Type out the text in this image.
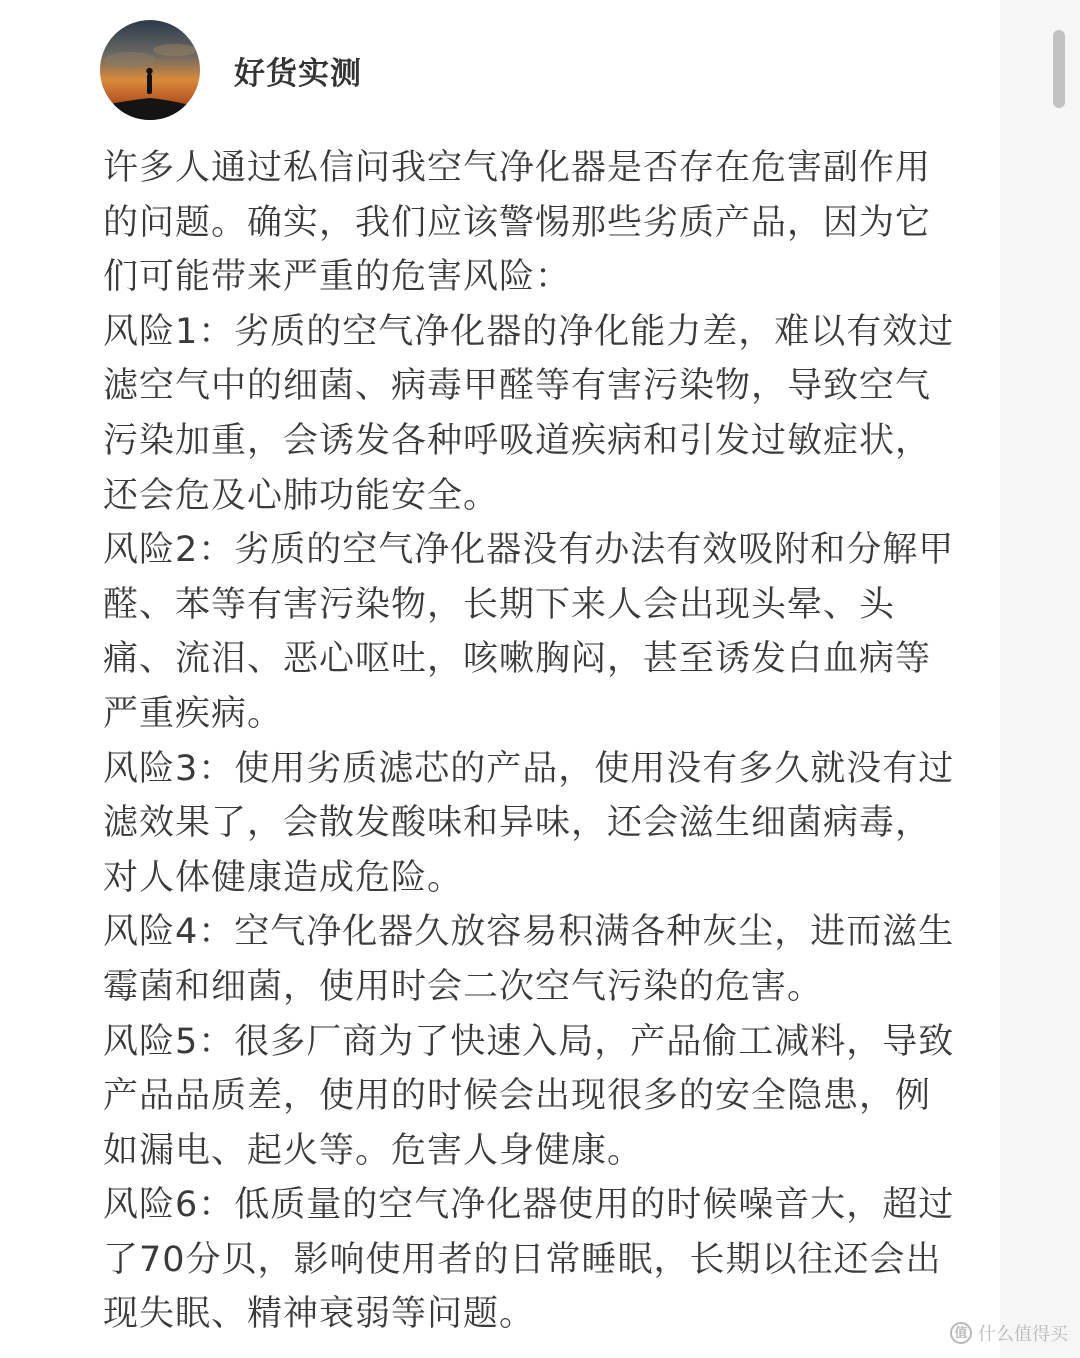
好货实测

许多人通过私信问我空气净化器是否存在危害副作用的问题。确实，我们应该警惕那些劣质产品，因为它们可能带来严重的危害风险：

风险1：劣质的空气净化器的净化能力差，难以有效过滤空气中的细菌、病毒甲醛等有害污染物，导致空气污染加重，会诱发各种呼吸道疾病和引发过敏症状，还会危及心肺功能安全。

风险2：劣质的空气净化器没有办法有效吸附和分解甲醛、苯等有害污染物，长期下来人会出现头晕、头痛、流泪、恶心呕吐，咳嗽胸闷，甚至诱发白血病等严重疾病。

风险3：使用劣质滤芯的产品，使用没有多久就没有过滤效果了，会散发酸味和异味，还会滋生细菌病毒，对人体健康造成危险。

风险4：空气净化器久放容易积满各种灰尘，进而滋生霉菌和细菌，使用时会二次空气污染的危害。

风险5：很多厂商为了快速入局，产品偷工减料，导致产品品质差，使用的时候会出现很多的安全隐患，例如漏电、起火等。危害人身健康。

风险6：低质量的空气净化器使用的时候噪音大，超过了70分贝，影响使用者的日常睡眠，长期以往还会出现失眠、精神衰弱等问题。	值 什么值得买
